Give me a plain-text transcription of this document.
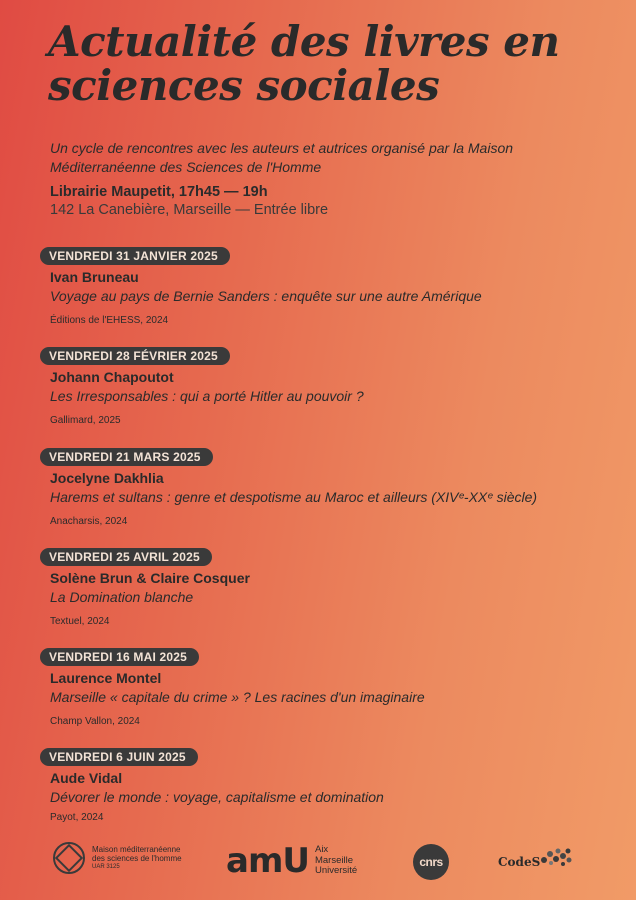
Actualité des livres en sciences sociales

Un cycle de rencontres avec les auteurs et autrices organisé par la Maison Méditerranéenne des Sciences de l'Homme

Librairie Maupetit, 17h45 — 19h
142 La Canebière, Marseille — Entrée libre
VENDREDI 31 JANVIER 2025
Ivan Bruneau
Voyage au pays de Bernie Sanders : enquête sur une autre Amérique
Éditions de l'EHESS, 2024
VENDREDI 28 FÉVRIER 2025
Johann Chapoutot
Les Irresponsables : qui a porté Hitler au pouvoir ?
Gallimard, 2025
VENDREDI 21 MARS 2025
Jocelyne Dakhlia
Harems et sultans : genre et despotisme au Maroc et ailleurs (XIVᵉ-XXᵉ siècle)
Anacharsis, 2024
VENDREDI 25 AVRIL 2025
Solène Brun & Claire Cosquer
La Domination blanche
Textuel, 2024
VENDREDI 16 MAI 2025
Laurence Montel
Marseille « capitale du crime » ? Les racines d'un imaginaire
Champ Vallon, 2024
VENDREDI 6 JUIN 2025
Aude Vidal
Dévorer le monde : voyage, capitalisme et domination
Payot, 2024
Maison méditerranéenne
des sciences de l'homme
UAR 3125	amU Aix
Marseille
Université
cnrs	CodeS
